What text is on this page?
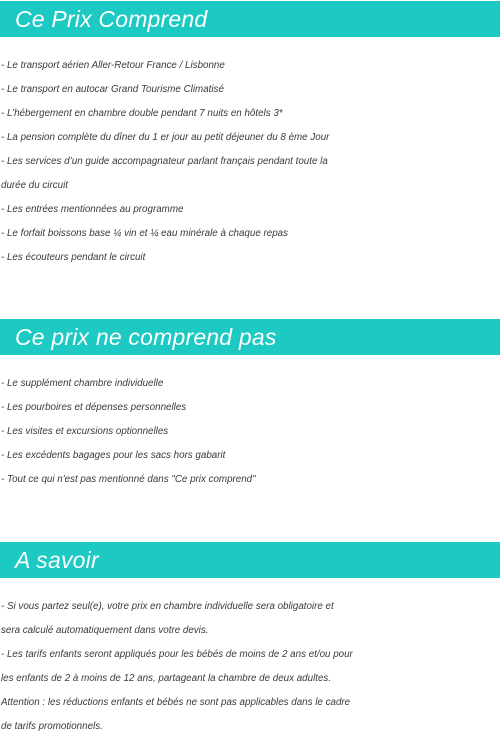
Ce Prix Comprend
- Le transport aérien Aller-Retour France / Lisbonne
- Le transport en autocar Grand Tourisme Climatisé
- L’hébergement en chambre double pendant 7 nuits en hôtels 3*
- La pension complète du dîner du 1 er jour au petit déjeuner du 8 ème Jour
- Les services d’un guide accompagnateur parlant français pendant toute la
durée du circuit
- Les entrées mentionnées au programme
- Le forfait boissons base ¼ vin et ¼ eau minérale à chaque repas
- Les écouteurs pendant le circuit
Ce prix ne comprend pas
- Le supplément chambre individuelle
- Les pourboires et dépenses personnelles
- Les visites et excursions optionnelles
- Les excédents bagages pour les sacs hors gabarit
- Tout ce qui n'est pas mentionné dans "Ce prix comprend"
A savoir
- Si vous partez seul(e), votre prix en chambre individuelle sera obligatoire et
sera calculé automatiquement dans votre devis.
- Les tarifs enfants seront appliqués pour les bébés de moins de 2 ans et/ou pour
les enfants de 2 à moins de 12 ans, partageant la chambre de deux adultes.
Attention : les réductions enfants et bébés ne sont pas applicables dans le cadre
de tarifs promotionnels.
